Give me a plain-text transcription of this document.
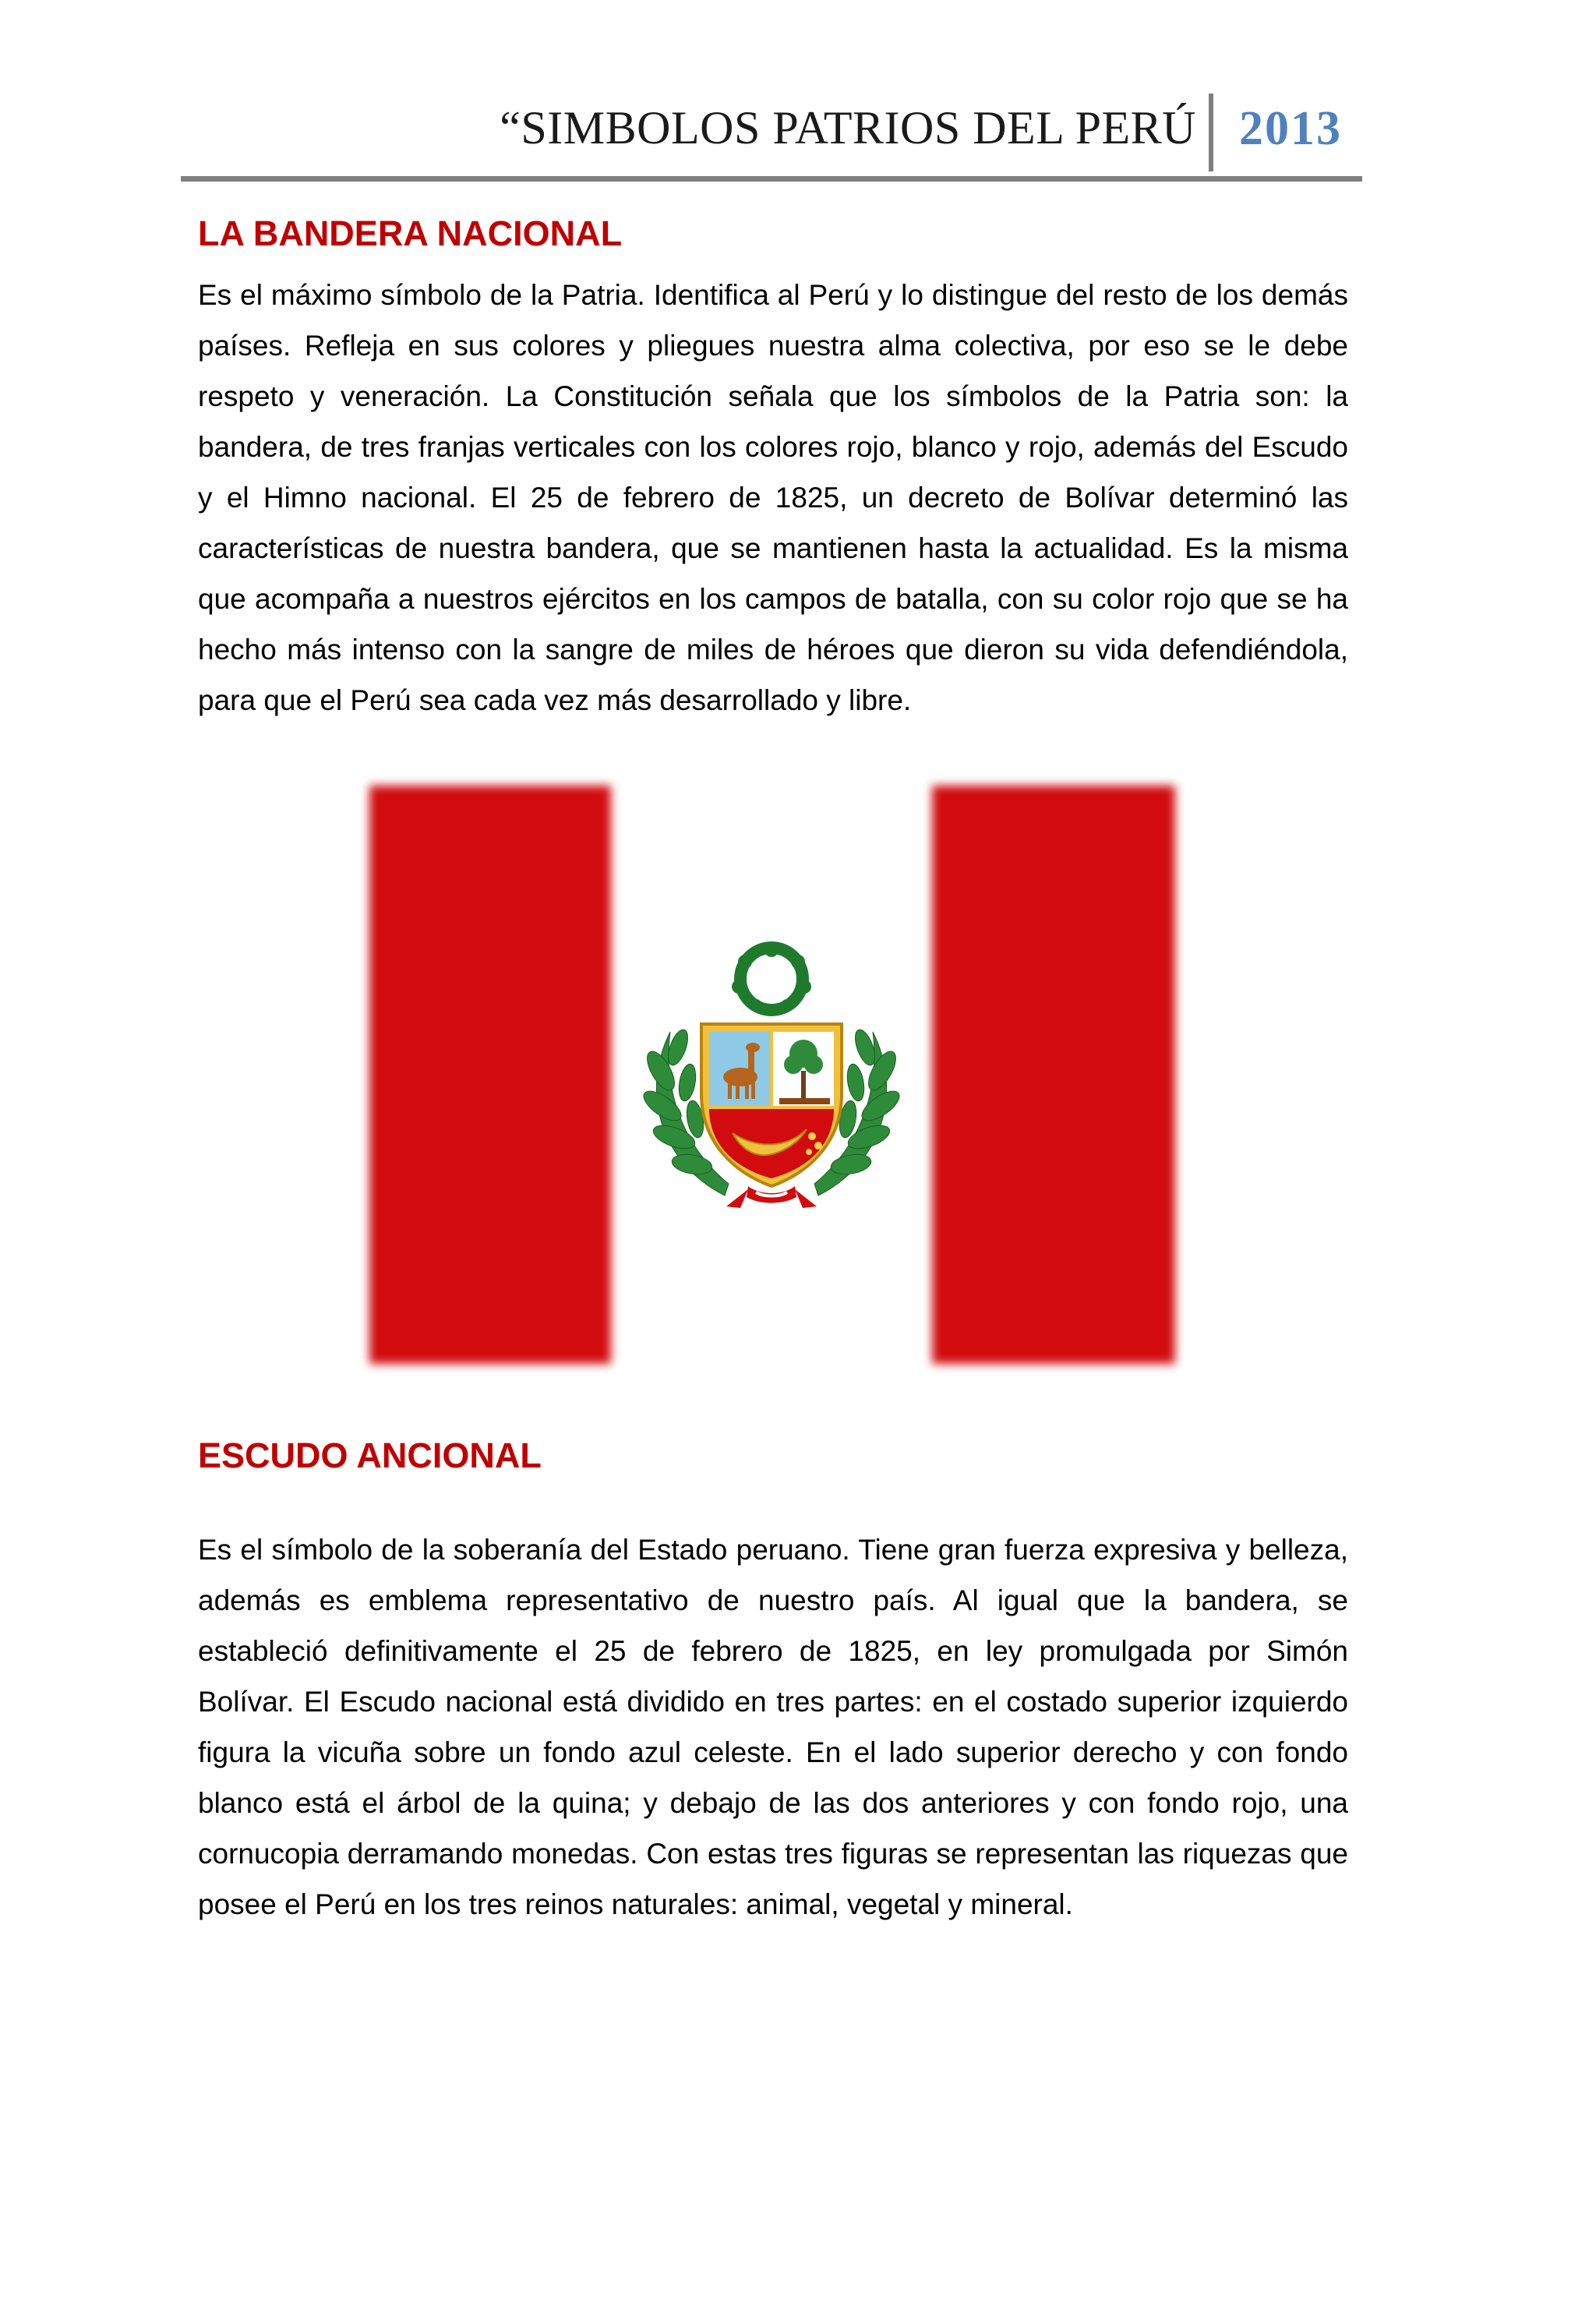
“SIMBOLOS PATRIOS DEL PERÚ 2013
LA BANDERA NACIONAL
Es el máximo símbolo de la Patria. Identifica al Perú y lo distingue del resto de los demás países. Refleja en sus colores y pliegues nuestra alma colectiva, por eso se le debe respeto y veneración. La Constitución señala que los símbolos de la Patria son: la bandera, de tres franjas verticales con los colores rojo, blanco y rojo, además del Escudo y el Himno nacional. El 25 de febrero de 1825, un decreto de Bolívar determinó las características de nuestra bandera, que se mantienen hasta la actualidad. Es la misma que acompaña a nuestros ejércitos en los campos de batalla, con su color rojo que se ha hecho más intenso con la sangre de miles de héroes que dieron su vida defendiéndola, para que el Perú sea cada vez más desarrollado y libre.
ESCUDO ANCIONAL
Es el símbolo de la soberanía del Estado peruano. Tiene gran fuerza expresiva y belleza, además es emblema representativo de nuestro país. Al igual que la bandera, se estableció definitivamente el 25 de febrero de 1825, en ley promulgada por Simón Bolívar. El Escudo nacional está dividido en tres partes: en el costado superior izquierdo figura la vicuña sobre un fondo azul celeste. En el lado superior derecho y con fondo blanco está el árbol de la quina; y debajo de las dos anteriores y con fondo rojo, una cornucopia derramando monedas. Con estas tres figuras se representan las riquezas que posee el Perú en los tres reinos naturales: animal, vegetal y mineral.
